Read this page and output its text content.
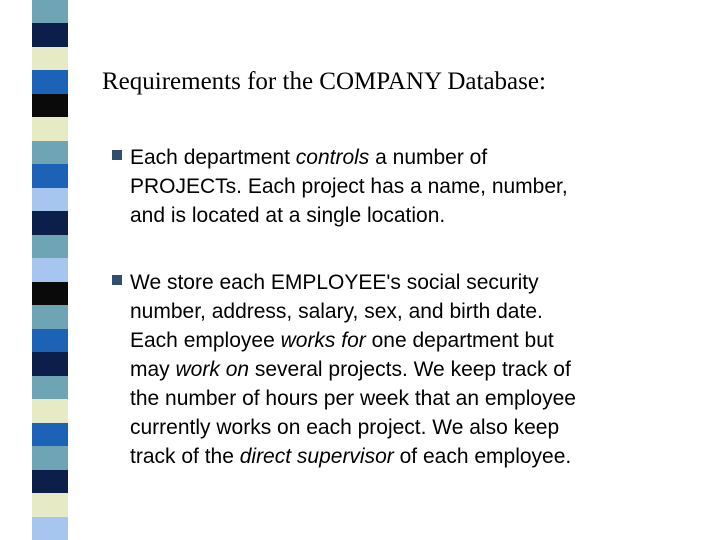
Requirements for the COMPANY Database:
Each department controls a number of
PROJECTs. Each project has a name, number,
and is located at a single location.
We store each EMPLOYEE's social security
number, address, salary, sex, and birth date.
Each employee works for one department but
may work on several projects. We keep track of
the number of hours per week that an employee
currently works on each project. We also keep
track of the direct supervisor of each employee.
